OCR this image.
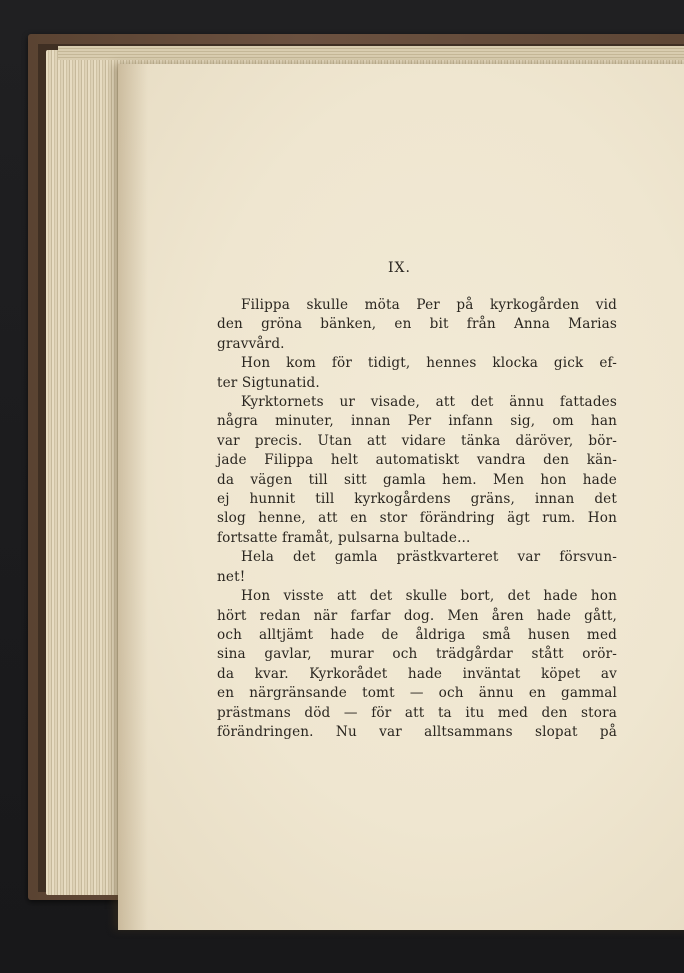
IX.
Filippa skulle möta Per på kyrkogården vid
den gröna bänken, en bit från Anna Marias
gravvård.
Hon kom för tidigt, hennes klocka gick ef-
ter Sigtunatid.
Kyrktornets ur visade, att det ännu fattades
några minuter, innan Per infann sig, om han
var precis. Utan att vidare tänka däröver, bör-
jade Filippa helt automatiskt vandra den kän-
da vägen till sitt gamla hem. Men hon hade
ej hunnit till kyrkogårdens gräns, innan det
slog henne, att en stor förändring ägt rum. Hon
fortsatte framåt, pulsarna bultade...
Hela det gamla prästkvarteret var försvun-
net!
Hon visste att det skulle bort, det hade hon
hört redan när farfar dog. Men åren hade gått,
och alltjämt hade de åldriga små husen med
sina gavlar, murar och trädgårdar stått orör-
da kvar. Kyrkorådet hade inväntat köpet av
en närgränsande tomt — och ännu en gammal
prästmans död — för att ta itu med den stora
förändringen. Nu var alltsammans slopat på
